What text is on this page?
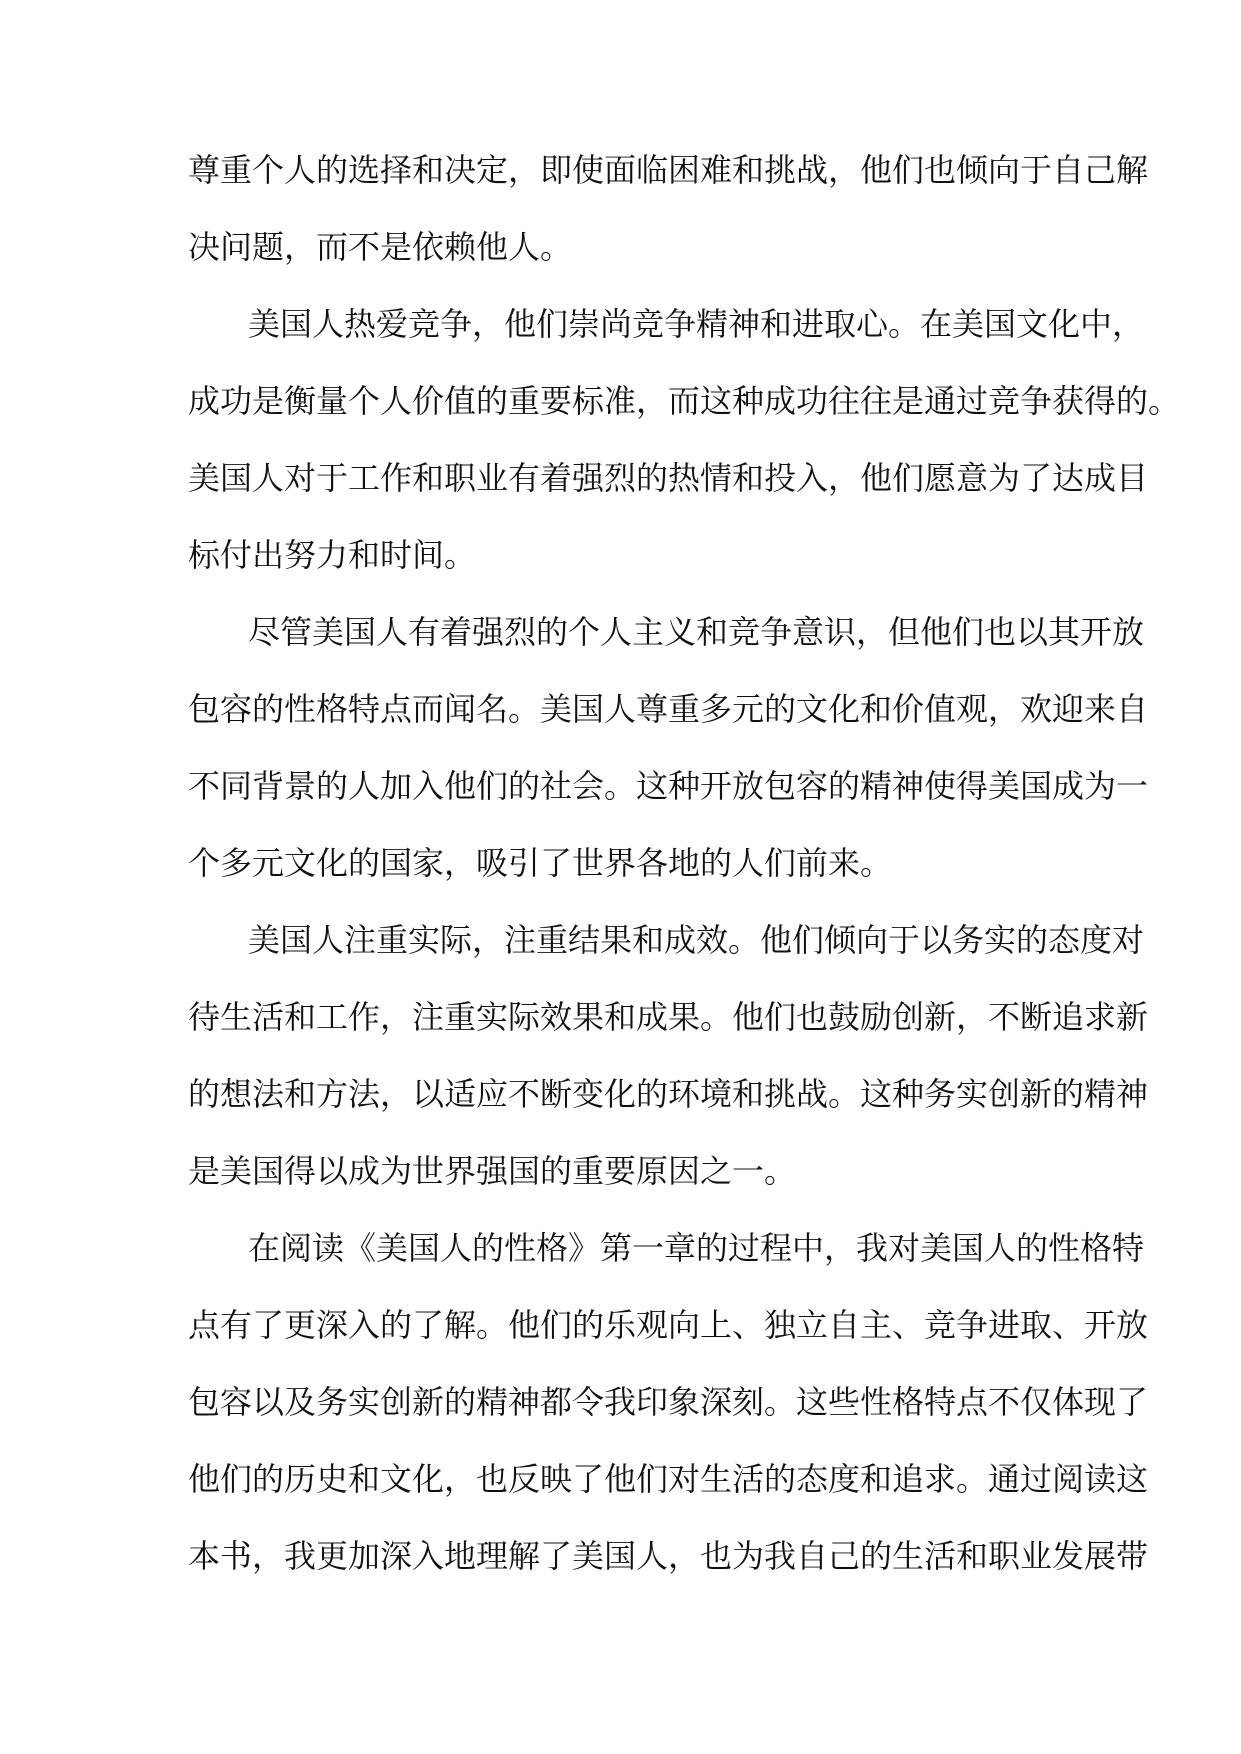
尊重个人的选择和决定，即使面临困难和挑战，他们也倾向于自己解
决问题，而不是依赖他人。
美国人热爱竞争，他们崇尚竞争精神和进取心。在美国文化中，
成功是衡量个人价值的重要标准，而这种成功往往是通过竞争获得的。
美国人对于工作和职业有着强烈的热情和投入，他们愿意为了达成目
标付出努力和时间。
尽管美国人有着强烈的个人主义和竞争意识，但他们也以其开放
包容的性格特点而闻名。美国人尊重多元的文化和价值观，欢迎来自
不同背景的人加入他们的社会。这种开放包容的精神使得美国成为一
个多元文化的国家，吸引了世界各地的人们前来。
美国人注重实际，注重结果和成效。他们倾向于以务实的态度对
待生活和工作，注重实际效果和成果。他们也鼓励创新，不断追求新
的想法和方法，以适应不断变化的环境和挑战。这种务实创新的精神
是美国得以成为世界强国的重要原因之一。
在阅读《美国人的性格》第一章的过程中，我对美国人的性格特
点有了更深入的了解。他们的乐观向上、独立自主、竞争进取、开放
包容以及务实创新的精神都令我印象深刻。这些性格特点不仅体现了
他们的历史和文化，也反映了他们对生活的态度和追求。通过阅读这
本书，我更加深入地理解了美国人，也为我自己的生活和职业发展带
